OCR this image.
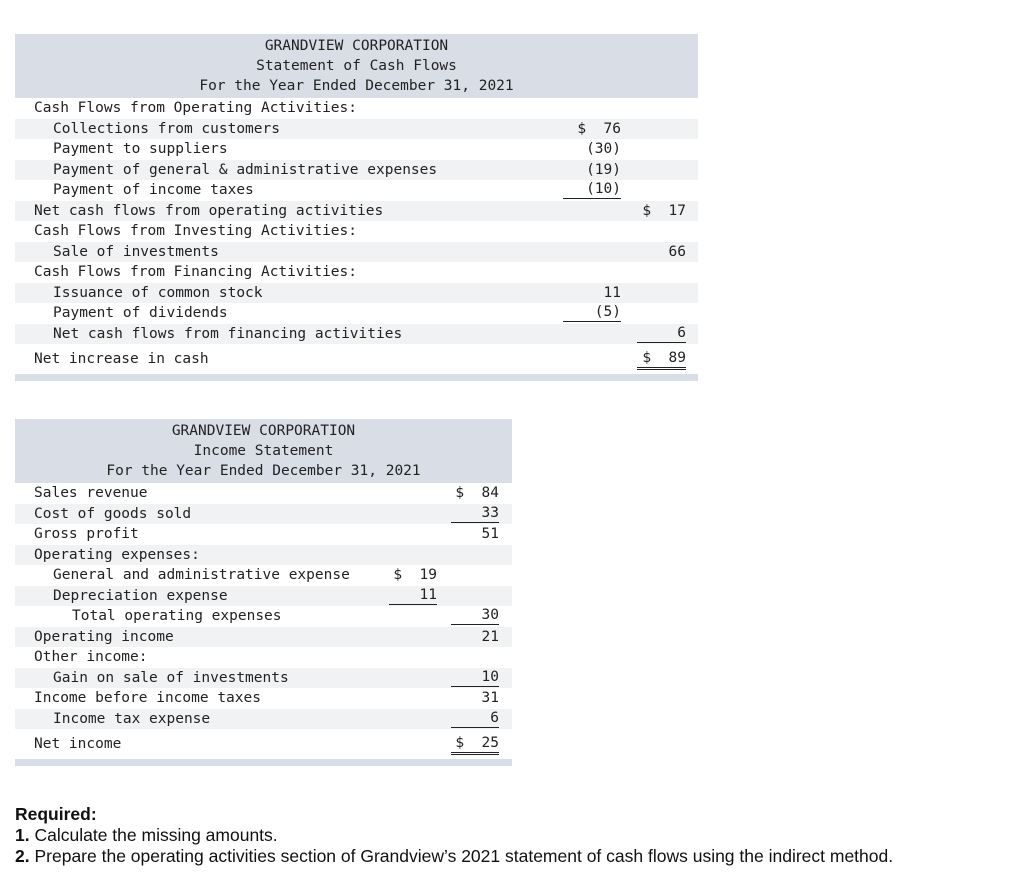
GRANDVIEW CORPORATION
Statement of Cash Flows
For the Year Ended December 31, 2021
Cash Flows from Operating Activities:
Collections from customers	$  76
Payment to suppliers	(30)
Payment of general & administrative expenses	(19)
Payment of income taxes	(10)
Net cash flows from operating activities	$  17
Cash Flows from Investing Activities:
Sale of investments	66
Cash Flows from Financing Activities:
Issuance of common stock	11
Payment of dividends	(5)
Net cash flows from financing activities	6
Net increase in cash	$  89
GRANDVIEW CORPORATION
Income Statement
For the Year Ended December 31, 2021
Sales revenue	$  84
Cost of goods sold	33
Gross profit	51
Operating expenses:
General and administrative expense	$  19
Depreciation expense	11
Total operating expenses	30
Operating income	21
Other income:
Gain on sale of investments	10
Income before income taxes	31
Income tax expense	6
Net income	$  25
Required:
1. Calculate the missing amounts.
2. Prepare the operating activities section of Grandview’s 2021 statement of cash flows using the indirect method.
